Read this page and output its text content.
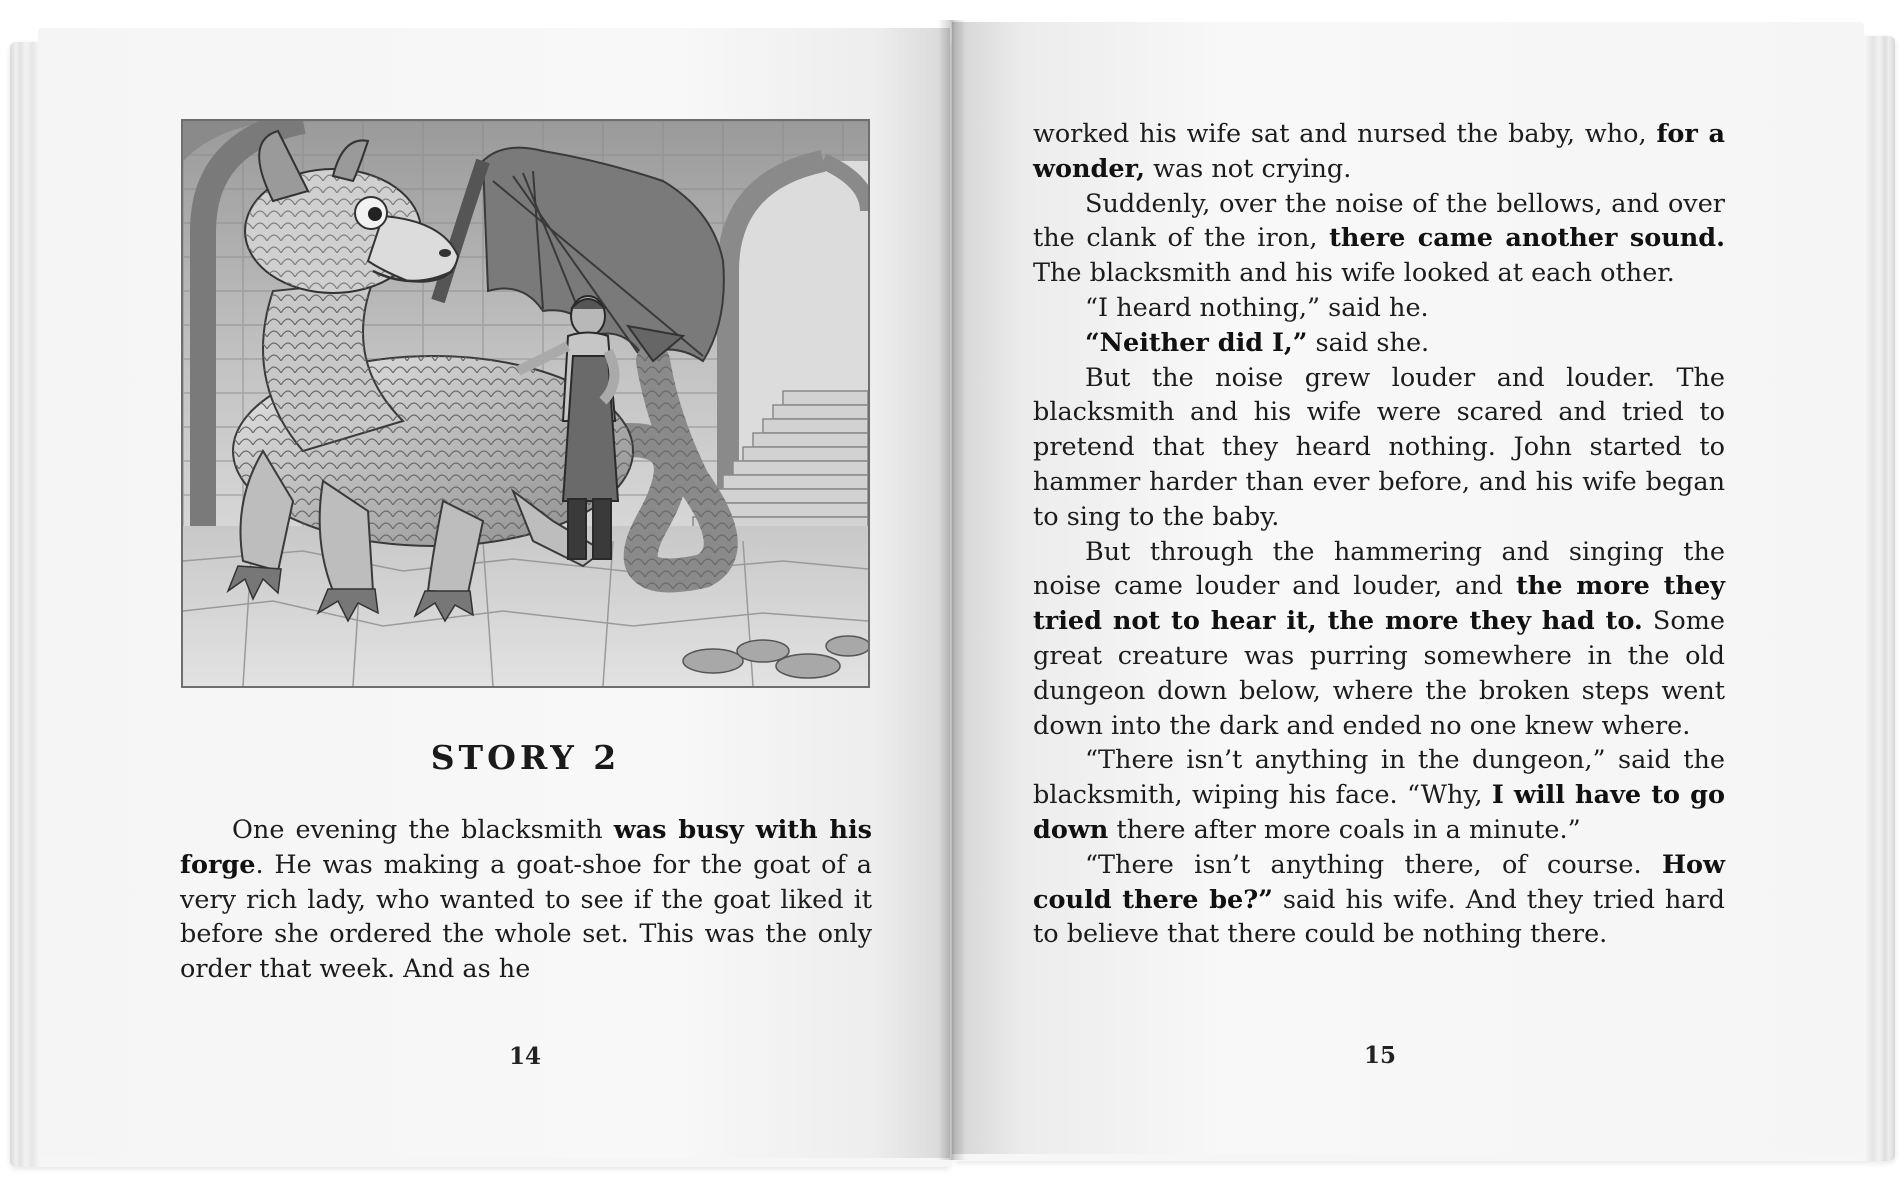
STORY 2

One evening the blacksmith was busy with his forge. He was making a goat-shoe for the goat of a very rich lady, who wanted to see if the goat liked it before she ordered the whole set. This was the only order that week. And as he

14

worked his wife sat and nursed the baby, who, for a wonder, was not crying.

Suddenly, over the noise of the bellows, and over the clank of the iron, there came another sound. The blacksmith and his wife looked at each other.

“I heard nothing,” said he.

“Neither did I,” said she.

But the noise grew louder and louder. The blacksmith and his wife were scared and tried to pretend that they heard nothing. John started to hammer harder than ever before, and his wife began to sing to the baby.

But through the hammering and singing the noise came louder and louder, and the more they tried not to hear it, the more they had to. Some great creature was purring somewhere in the old dungeon down below, where the broken steps went down into the dark and ended no one knew where.

“There isn’t anything in the dungeon,” said the blacksmith, wiping his face. “Why, I will have to go down there after more coals in a minute.”

“There isn’t anything there, of course. How could there be?” said his wife. And they tried hard to believe that there could be nothing there.

15
